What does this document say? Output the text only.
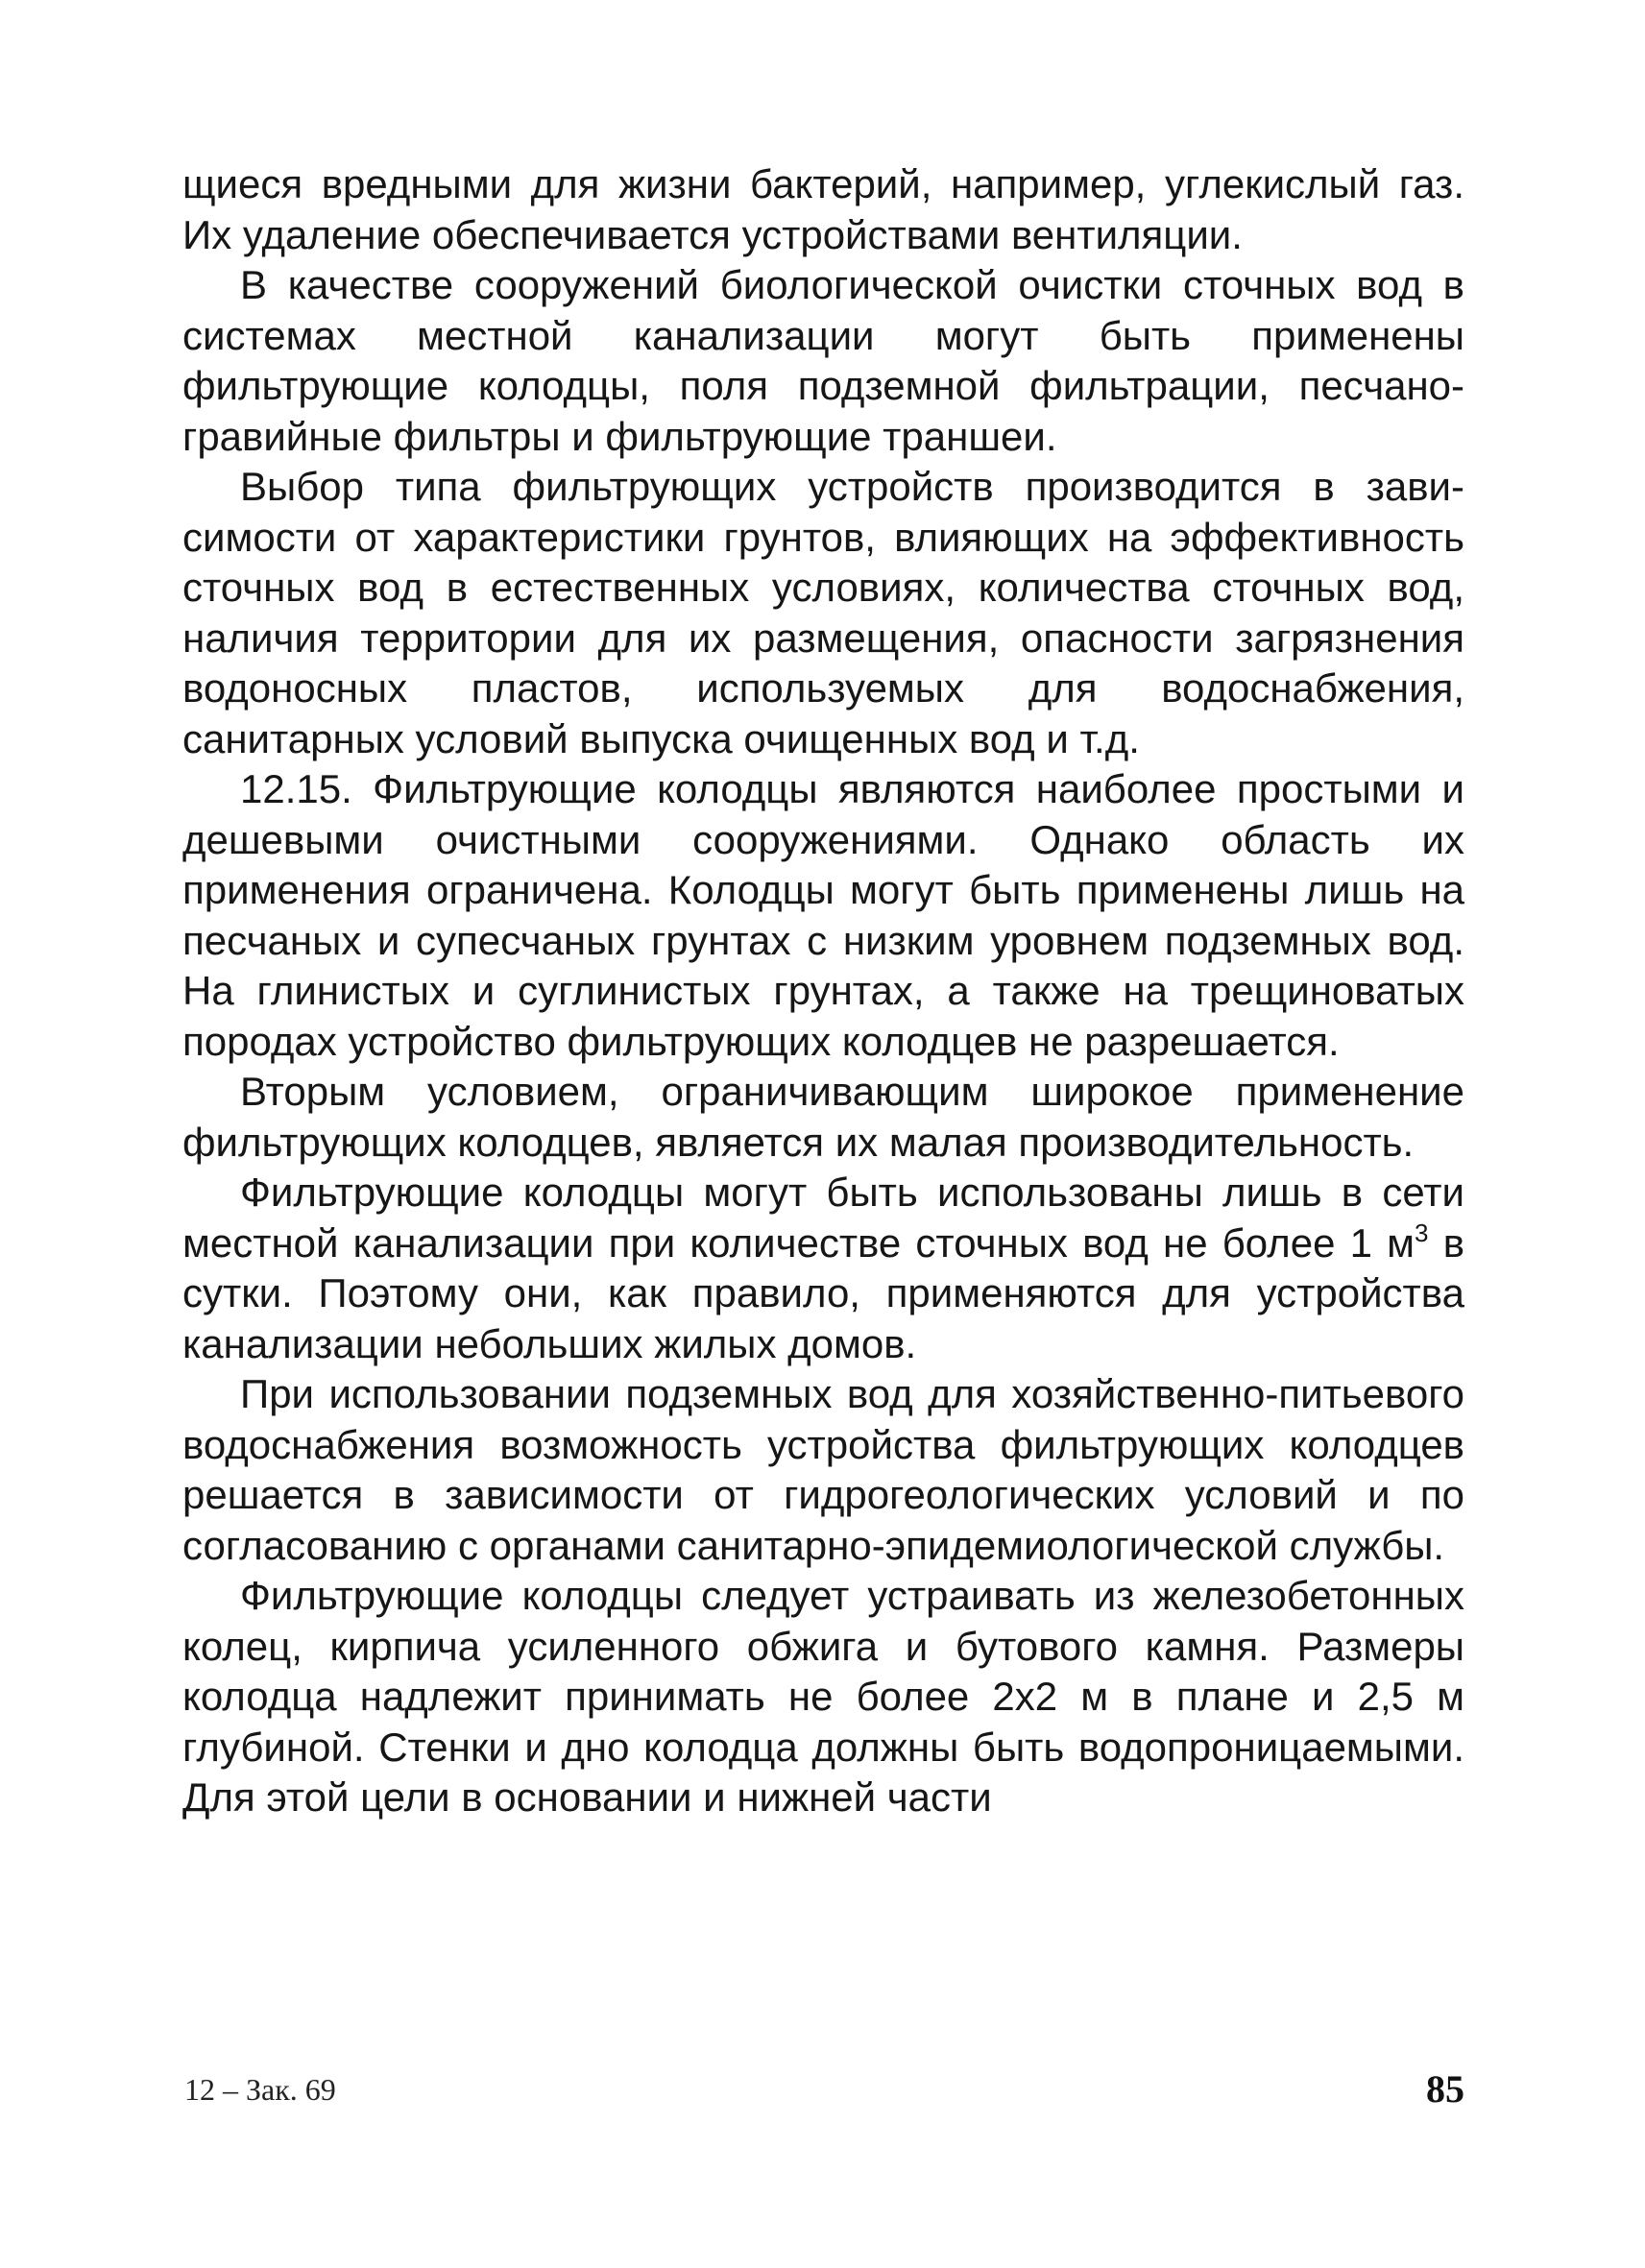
щиеся вредными для жизни бактерий, например, углекислый газ. Их удаление обеспечивается устройствами вентиляции.

В качестве сооружений биологической очистки сточных вод в системах местной канализации могут быть применены фильтрующие колодцы, поля подземной фильтрации, песчано-гравийные фильтры и фильтрующие траншеи.

Выбор типа фильтрующих устройств производится в зависимости от характеристики грунтов, влияющих на эффективность сточных вод в естественных условиях, количества сточных вод, наличия территории для их размещения, опасности загрязнения водоносных пластов, используемых для водоснабжения, санитарных условий выпуска очищенных вод и т.д.

12.15. Фильтрующие колодцы являются наиболее простыми и дешевыми очистными сооружениями. Однако область их применения ограничена. Колодцы могут быть применены лишь на песчаных и супесчаных грунтах с низким уровнем подземных вод. На глинистых и суглинистых грунтах, а также на трещиноватых породах устройство фильтрующих колодцев не разрешается.

Вторым условием, ограничивающим широкое применение фильтрующих колодцев, является их малая производительность.

Фильтрующие колодцы могут быть использованы лишь в сети местной канализации при количестве сточных вод не более 1 $м^3$ в сутки. Поэтому они, как правило, применяются для устройства канализации небольших жилых домов.

При использовании подземных вод для хозяйственно-питьевого водоснабжения возможность устройства фильтрующих колодцев решается в зависимости от гидрогеологических условий и по согласованию с органами санитарно-эпидемиологической службы.

Фильтрующие колодцы следует устраивать из железобетонных колец, кирпича усиленного обжига и бутового камня. Размеры колодца надлежит принимать не более 2х2 м в плане и 2,5 м глубиной. Стенки и дно колодца должны быть водопроницаемыми. Для этой цели в основании и нижней части

12 – Зак. 69	85
